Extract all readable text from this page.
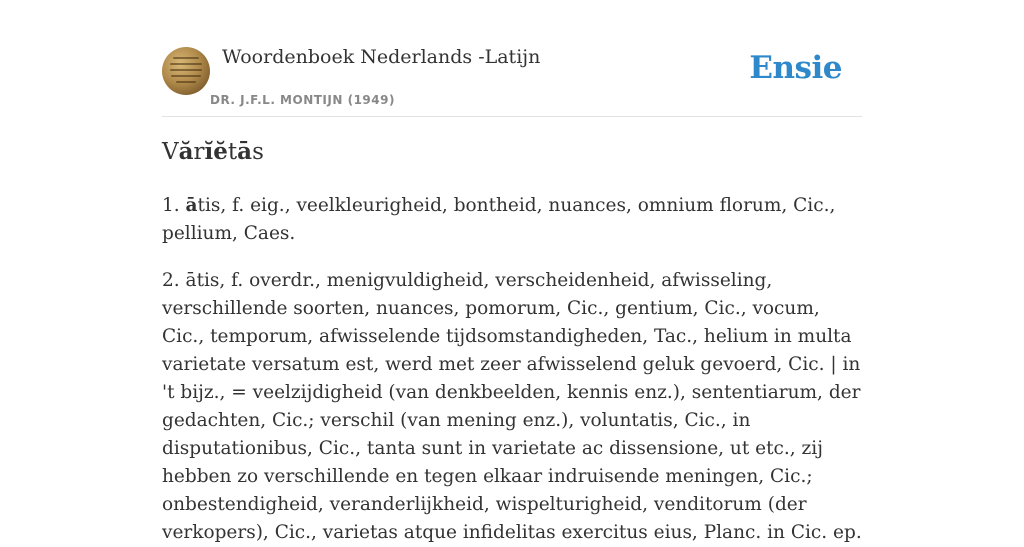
Woordenboek Nederlands -Latijn
DR. J.F.L. MONTIJN (1949)
Ensie
Vărĭĕtās

1. ātis, f. eig., veelkleurigheid, bontheid, nuances, omnium florum, Cic., pellium, Caes.

2. ātis, f. overdr., menigvuldigheid, verscheidenheid, afwisseling, verschillende soorten, nuances, pomorum, Cic., gentium, Cic., vocum, Cic., temporum, afwisselende tijdsomstandigheden, Tac., helium in multa varietate versatum est, werd met zeer afwisselend geluk gevoerd, Cic. | in ꞌt bijz., = veelzijdigheid (van denkbeelden, kennis enz.), sententiarum, der gedachten, Cic.; verschil (van mening enz.), voluntatis, Cic., in disputationibus, Cic., tanta sunt in varietate ac dissensione, ut etc., zij hebben zo verschillende en tegen elkaar indruisende meningen, Cic.; onbestendigheid, veranderlijkheid, wispelturigheid, venditorum (der verkopers), Cic., varietas atque infidelitas exercitus eius, Planc. in Cic. ep.
